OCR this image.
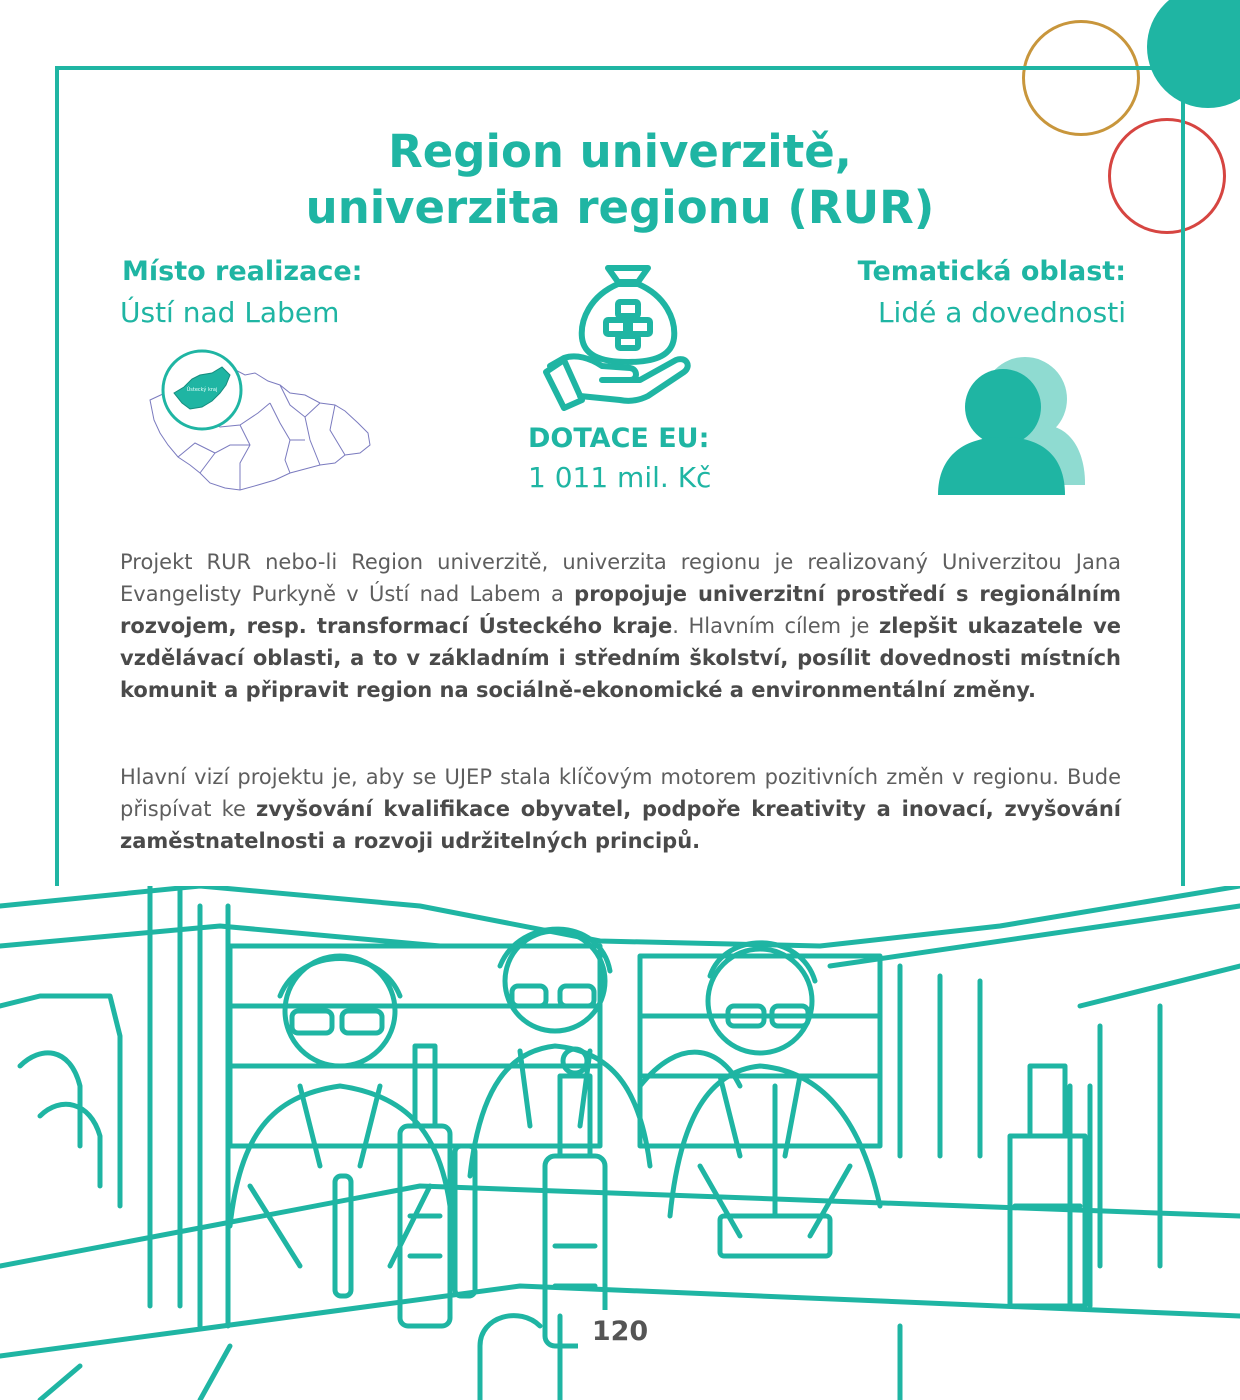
Region univerzitě,
univerzita regionu (RUR)
Místo realizace:
Ústí nad Labem
Ústecký kraj
DOTACE EU:
1 011 mil. Kč
Tematická oblast:
Lidé a dovednosti

Projekt RUR nebo-li Region univerzitě, univerzita regionu je realizovaný Univerzitou Jana Evangelisty Purkyně v Ústí nad Labem a propojuje univerzitní prostředí s regionálním rozvojem, resp. transformací Ústeckého kraje. Hlavním cílem je zlepšit ukazatele ve vzdělávací oblasti, a to v základním i středním školství, posílit dovednosti místních komunit a připravit region na sociálně-ekonomické a environmentální změny.

Hlavní vizí projektu je, aby se UJEP stala klíčovým motorem pozitivních změn v regionu. Bude přispívat ke zvyšování kvalifikace obyvatel, podpoře kreativity a inovací, zvyšování zaměstnatelnosti a rozvoji udržitelných principů.

120
